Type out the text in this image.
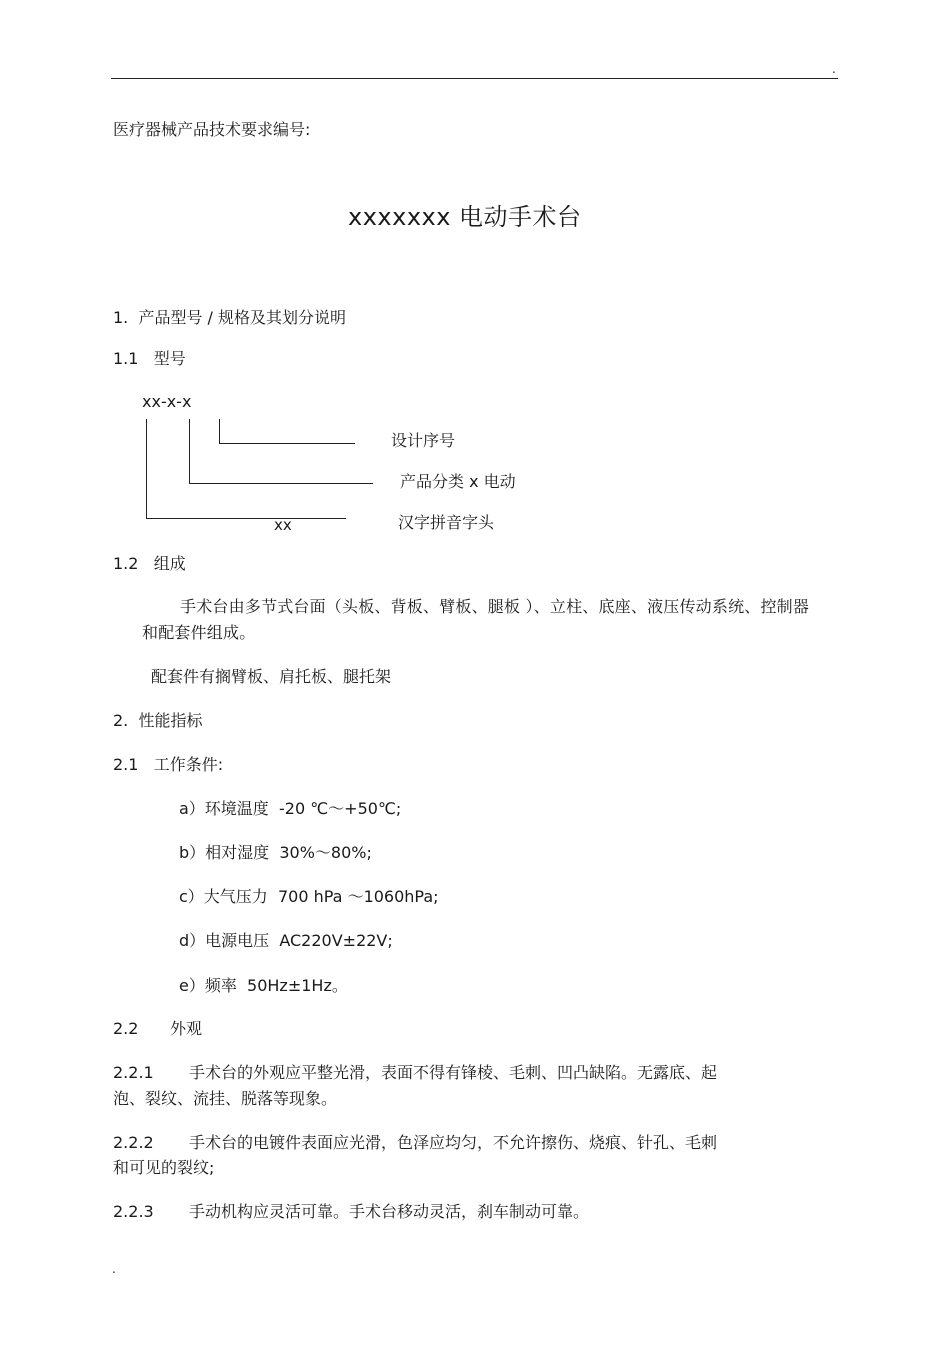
.
医疗器械产品技术要求编号:
xxxxxxx 电动手术台
1. 产品型号 / 规格及其划分说明
1.1 型号
xx-x-x
设计序号
产品分类 x 电动
汉字拼音字头
xx
1.2 组成
手术台由多节式台面（头板、背板、臂板、腿板 ）、立柱、底座、液压传动系统、控制器和配套件组成。
配套件有搁臂板、肩托板、腿托架
2. 性能指标
2.1 工作条件:
a）环境温度 -20 ℃～+50℃;
b）相对湿度 30%～80%;
c）大气压力 700 hPa ～1060hPa;
d）电源电压 AC220V±22V;
e）频率 50Hz±1Hz。
2.2 外观
2.2.1 手术台的外观应平整光滑，表面不得有锋棱、毛刺、凹凸缺陷。无露底、起
泡、裂纹、流挂、脱落等现象。
2.2.2 手术台的电镀件表面应光滑，色泽应均匀，不允许擦伤、烧痕、针孔、毛刺
和可见的裂纹;
2.2.3 手动机构应灵活可靠。手术台移动灵活，刹车制动可靠。
.
